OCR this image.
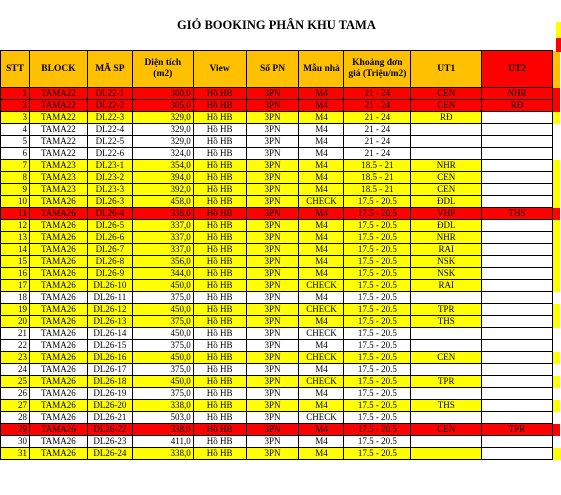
GIỎ BOOKING PHÂN KHU TAMA										
STT	BLOCK	MÃ SP	Diện tích (m2)	View	Số PN	Mẫu nhà	Khoảng đơn giá (Triệu/m2)	UT1	UT2	
1	TAMA22	DL22-1	300,0	Hồ HB	3PN	M4	21 - 24	CEN	NHR	
2	TAMA22	DL22-2	305,0	Hồ HB	3PN	M4	21 - 24	CEN	RĐ	
3	TAMA22	DL22-3	329,0	Hồ HB	3PN	M4	21 - 24	RĐ		
4	TAMA22	DL22-4	329,0	Hồ HB	3PN	M4	21 - 24			
5	TAMA22	DL22-5	329,0	Hồ HB	3PN	M4	21 - 24			
6	TAMA22	DL22-6	324,0	Hồ HB	3PN	M4	21 - 24			
7	TAMA23	DL23-1	354,0	Hồ HB	3PN	M4	18.5 - 21	NHR		
8	TAMA23	DL23-2	394,0	Hồ HB	3PN	M4	18.5 - 21	CEN		
9	TAMA23	DL23-3	392,0	Hồ HB	3PN	M4	18.5 - 21	CEN		
10	TAMA26	DL26-3	458,0	Hồ HB	3PN	CHECK	17.5 - 20.5	ĐDL		
11	TAMA26	DL26-4	336,0	Hồ HB	3PN	M4	17.5 - 20.5	VHP	THS	
12	TAMA26	DL26-5	337,0	Hồ HB	3PN	M4	17.5 - 20.5	ĐDL		
13	TAMA26	DL26-6	337,0	Hồ HB	3PN	M4	17.5 - 20.5	NHR		
14	TAMA26	DL26-7	337,0	Hồ HB	3PN	M4	17.5 - 20.5	RAI		
15	TAMA26	DL26-8	356,0	Hồ HB	3PN	M4	17.5 - 20.5	NSK		
16	TAMA26	DL26-9	344,0	Hồ HB	3PN	M4	17.5 - 20.5	NSK		
17	TAMA26	DL26-10	450,0	Hồ HB	3PN	CHECK	17.5 - 20.5	RAI		
18	TAMA26	DL26-11	375,0	Hồ HB	3PN	M4	17.5 - 20.5			
19	TAMA26	DL26-12	450,0	Hồ HB	3PN	CHECK	17.5 - 20.5	TPR		
20	TAMA26	DL26-13	375,0	Hồ HB	3PN	M4	17.5 - 20.5	THS		
21	TAMA26	DL26-14	450,0	Hồ HB	3PN	CHECK	17.5 - 20.5			
22	TAMA26	DL26-15	375,0	Hồ HB	3PN	M4	17.5 - 20.5			
23	TAMA26	DL26-16	450,0	Hồ HB	3PN	CHECK	17.5 - 20.5	CEN		
24	TAMA26	DL26-17	375,0	Hồ HB	3PN	M4	17.5 - 20.5			
25	TAMA26	DL26-18	450,0	Hồ HB	3PN	CHECK	17.5 - 20.5	TPR		
26	TAMA26	DL26-19	375,0	Hồ HB	3PN	M4	17.5 - 20.5			
27	TAMA26	DL26-20	338,0	Hồ HB	3PN	M4	17.5 - 20.5	THS		
28	TAMA26	DL26-21	503,0	Hồ HB	3PN	CHECK	17.5 - 20.5			
29	TAMA26	DL26-22	338,0	Hồ HB	3PN	M4	17.5 - 20.5	CEN	TPR	
30	TAMA26	DL26-23	411,0	Hồ HB	3PN	M4	17.5 - 20.5			
31	TAMA26	DL26-24	338,0	Hồ HB	3PN	M4	17.5 - 20.5			
